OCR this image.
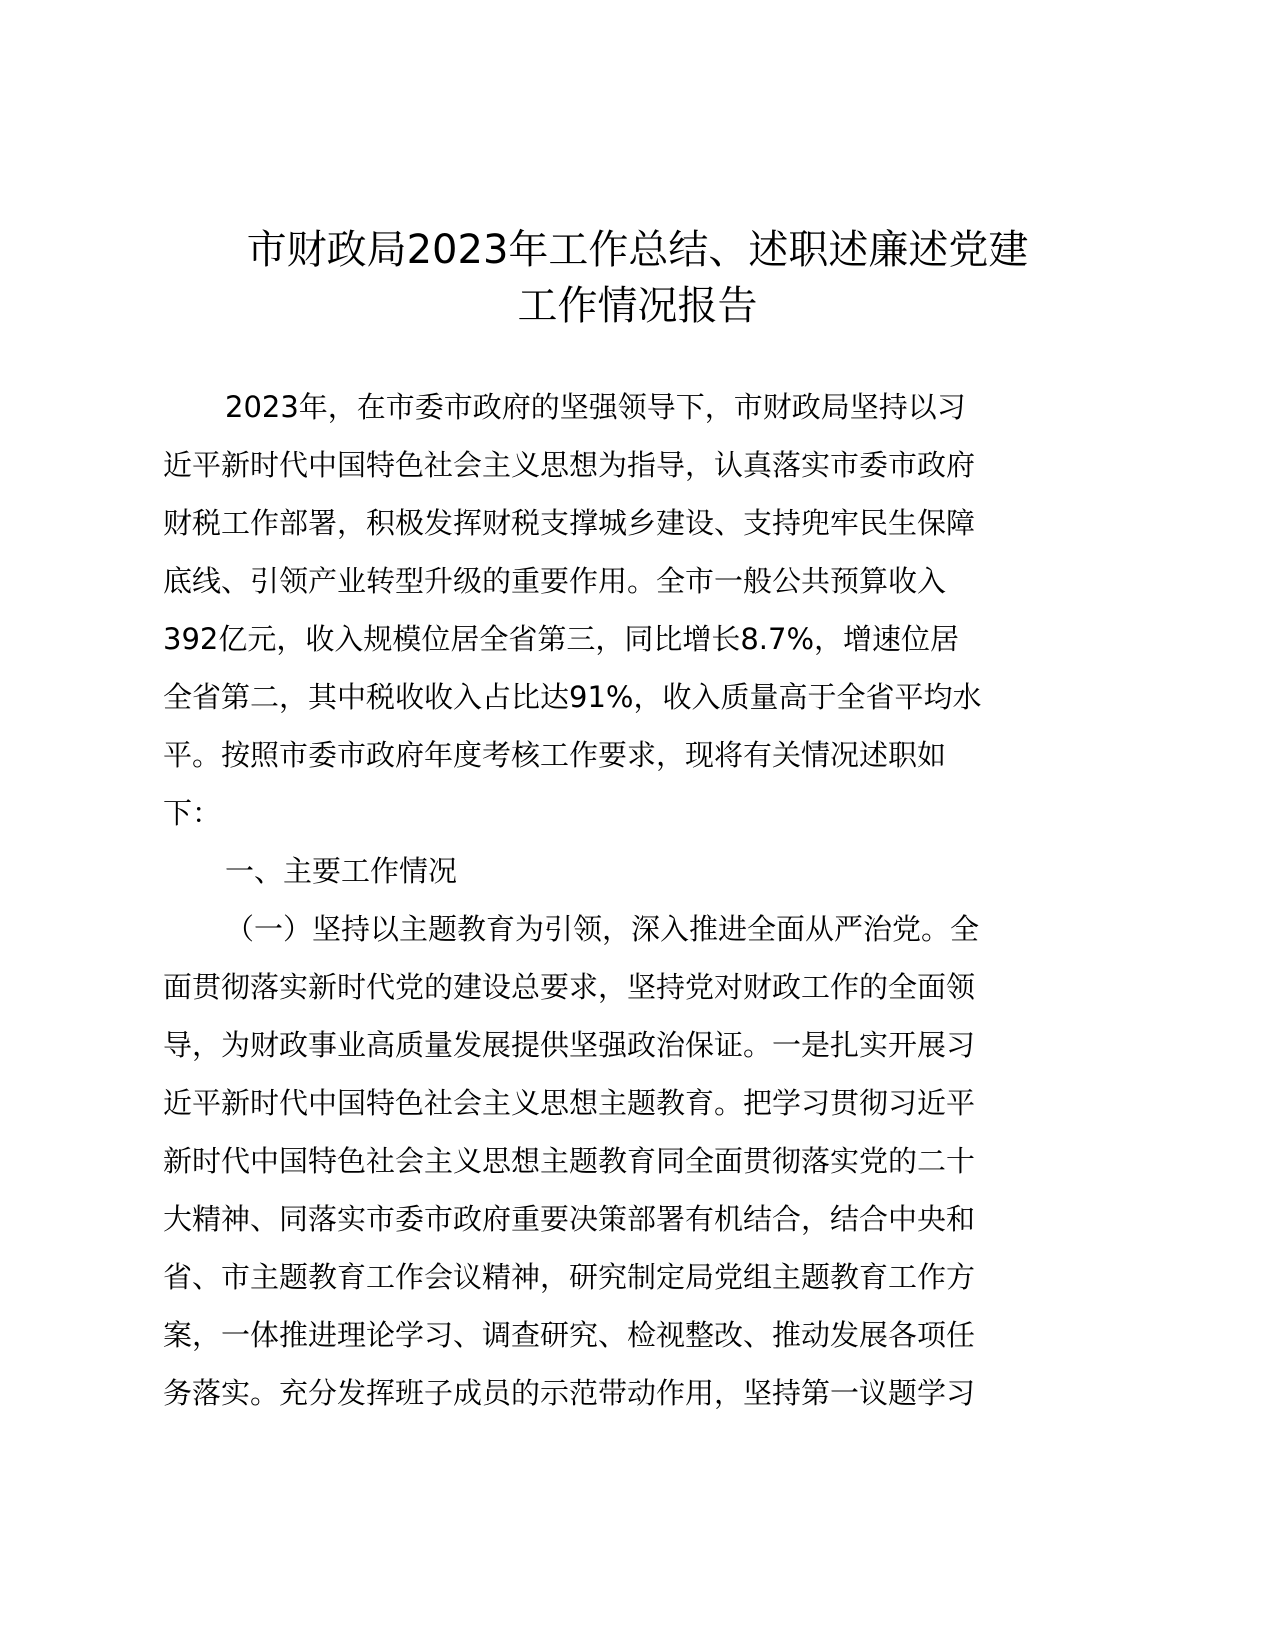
市财政局2023年工作总结、述职述廉述党建
工作情况报告
2023年，在市委市政府的坚强领导下，市财政局坚持以习
近平新时代中国特色社会主义思想为指导，认真落实市委市政府
财税工作部署，积极发挥财税支撑城乡建设、支持兜牢民生保障
底线、引领产业转型升级的重要作用。全市一般公共预算收入
392亿元，收入规模位居全省第三，同比增长8.7%，增速位居
全省第二，其中税收收入占比达91%，收入质量高于全省平均水
平。按照市委市政府年度考核工作要求，现将有关情况述职如
下：
一、主要工作情况
（一）坚持以主题教育为引领，深入推进全面从严治党。全
面贯彻落实新时代党的建设总要求，坚持党对财政工作的全面领
导，为财政事业高质量发展提供坚强政治保证。一是扎实开展习
近平新时代中国特色社会主义思想主题教育。把学习贯彻习近平
新时代中国特色社会主义思想主题教育同全面贯彻落实党的二十
大精神、同落实市委市政府重要决策部署有机结合，结合中央和
省、市主题教育工作会议精神，研究制定局党组主题教育工作方
案，一体推进理论学习、调查研究、检视整改、推动发展各项任
务落实。充分发挥班子成员的示范带动作用，坚持第一议题学习
